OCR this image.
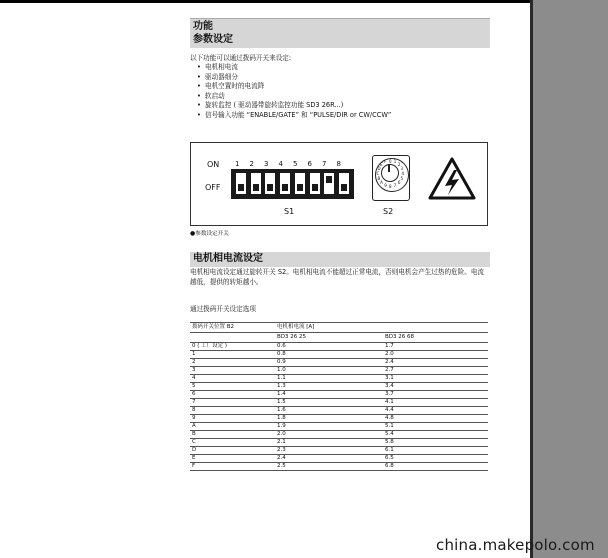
功能
参数设定
以下功能可以通过拨码开关来设定:
• 电机相电流
• 驱动器细分
• 电机空置时的电流降
• 软启动
• 旋转监控 ( 驱动器带旋转监控功能 SD3 26R...)
• 信号输入功能 “ENABLE/GATE” 和 “PULSE/DIR or CW/CCW”
ON
OFF
1 2 3 4 5 6 7 8
S1
0 1
2
3
4
5
6
7
8
9
A
B
C
D
E
F
S2
●参数设定开关
电机相电流设定
电机相电流设定通过旋转开关 S2。电机相电流不能超过正常电流，否则电机会产生过热的危险。电流越低，提供的转矩越小。
通过拨码开关设定选项
拨码开关位置 B2	电机相电流 [A]	
	BD3 26 25	BD3 26 68
0 ( 工厂设定 )	0.6	1.7
1	0.8	2.0
2	0.9	2.4
3	1.0	2.7
4	1.1	3.1
5	1.3	3.4
6	1.4	3.7
7	1.5	4.1
8	1.6	4.4
9	1.8	4.8
A	1.9	5.1
B	2.0	5.4
C	2.1	5.8
D	2.3	6.1
E	2.4	6.5
F	2.5	6.8
china.makepolo.com
